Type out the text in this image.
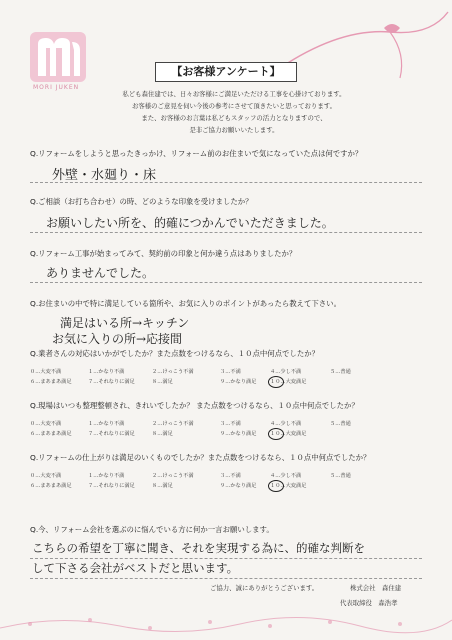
MORI JUKEN
【お客様アンケート】
私ども森住建では、日々お客様にご満足いただける工事を心掛けております。
お客様のご意見を伺い今後の参考にさせて頂きたいと思っております。
また、お客様のお言葉は私どもスタッフの活力となりますので、
是非ご協力お願いいたします。
Q.リフォームをしようと思ったきっかけ、リフォーム前のお住まいで気になっていた点は何ですか？
外壁・水廻り・床
Q.ご相談（お打ち合わせ）の時、どのような印象を受けましたか？
お願いしたい所を、的確につかんでいただきました。
Q.リフォーム工事が始まってみて、契約前の印象と何か違う点はありましたか？
ありませんでした。
Q.お住まいの中で特に満足している箇所や、お気に入りのポイントがあったら教えて下さい。
満足はいる所→キッチン
お気に入りの所→応接間
Q.業者さんの対応はいかがでしたか？また点数をつけるなら、１０点中何点でしたか？
０…大変不満	１…かなり不満	２…けっこう不満	３…不満	４…少し不満	５…普通
６…まあまあ満足	７…それなりに満足	８…満足	９…かなり満足	１０…大変満足
Q.現場はいつも整理整頓され、きれいでしたか？ また点数をつけるなら、１０点中何点でしたか？
０…大変不満	１…かなり不満	２…けっこう不満	３…不満	４…少し不満	５…普通
６…まあまあ満足	７…それなりに満足	８…満足	９…かなり満足	１０…大変満足
Q.リフォームの仕上がりは満足のいくものでしたか？また点数をつけるなら、１０点中何点でしたか？
０…大変不満	１…かなり不満	２…けっこう不満	３…不満	４…少し不満	５…普通
６…まあまあ満足	７…それなりに満足	８…満足	９…かなり満足	１０…大変満足
Q.今、リフォーム会社を選ぶのに悩んでいる方に何か一言お願いします。
こちらの希望を丁寧に聞き、それを実現する為に、的確な判断を
して下さる会社がベストだと思います。
ご協力、誠にありがとうございます。	株式会社　森住建
代表取締役　森浩孝
